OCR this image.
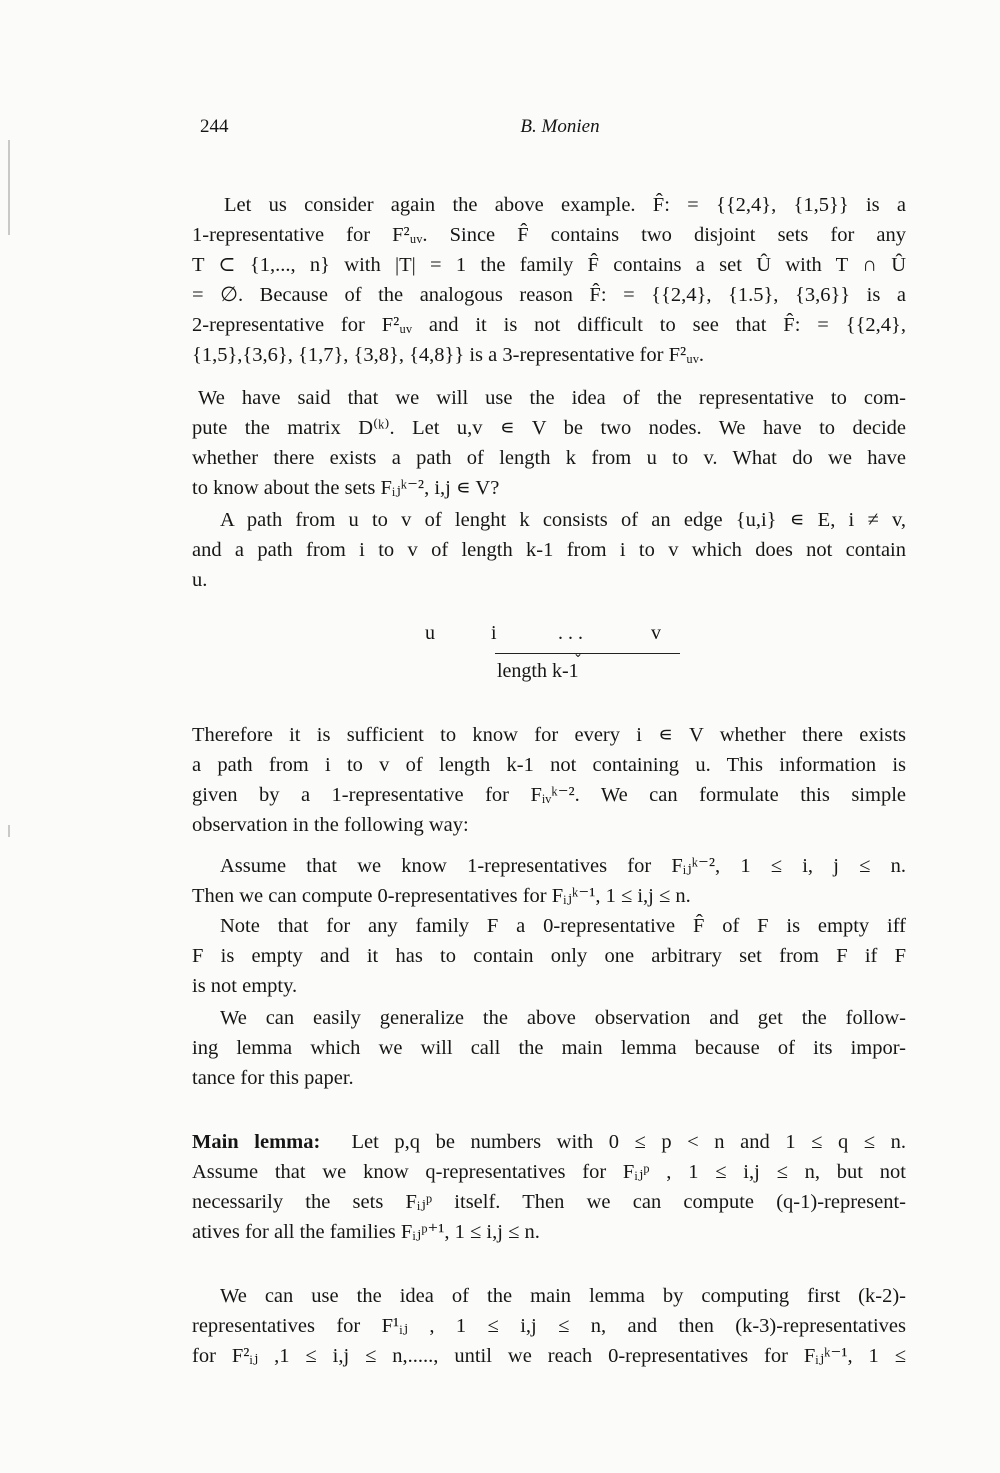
244	B. Monien
Let us consider again the above example. F̂: = {{2,4}, {1,5}} is a
1-representative for F²ᵤᵥ. Since F̂ contains two disjoint sets for any
T ⊂ {1,..., n} with |T| = 1 the family F̂ contains a set Û with T ∩ Û
= ∅. Because of the analogous reason F̂: = {{2,4}, {1.5}, {3,6}} is a
2-representative for F²ᵤᵥ and it is not difficult to see that F̂: = {{2,4},
{1,5},{3,6}, {1,7}, {3,8}, {4,8}} is a 3-representative for F²ᵤᵥ.
We have said that we will use the idea of the representative to com-
pute the matrix D⁽ᵏ⁾. Let u,v ∊ V be two nodes. We have to decide
whether there exists a path of length k from u to v. What do we have
to know about the sets Fᵢⱼᵏ⁻², i,j ∊ V?
A path from u to v of lenght k consists of an edge {u,i} ∊ E, i ≠ v,
and a path from i to v of length k-1 from i to v which does not contain
u.
u	i	. . .	v
⌄
length k-1
Therefore it is sufficient to know for every i ∊ V whether there exists
a path from i to v of length k-1 not containing u. This information is
given by a 1-representative for Fᵢᵥᵏ⁻². We can formulate this simple
observation in the following way:
Assume that we know 1-representatives for Fᵢⱼᵏ⁻², 1 ≤ i, j ≤ n.
Then we can compute 0-representatives for Fᵢⱼᵏ⁻¹, 1 ≤ i,j ≤ n.
Note that for any family F a 0-representative F̂ of F is empty iff
F is empty and it has to contain only one arbitrary set from F if F
is not empty.
We can easily generalize the above observation and get the follow-
ing lemma which we will call the main lemma because of its impor-
tance for this paper.
Main lemma: Let p,q be numbers with 0 ≤ p < n and 1 ≤ q ≤ n.
Assume that we know q-representatives for Fᵢⱼᵖ , 1 ≤ i,j ≤ n, but not
necessarily the sets Fᵢⱼᵖ itself. Then we can compute (q-1)-represent-
atives for all the families Fᵢⱼᵖ⁺¹, 1 ≤ i,j ≤ n.
We can use the idea of the main lemma by computing first (k-2)-
representatives for F¹ᵢⱼ , 1 ≤ i,j ≤ n, and then (k-3)-representatives
for F²ᵢⱼ ,1 ≤ i,j ≤ n,....., until we reach 0-representatives for Fᵢⱼᵏ⁻¹, 1 ≤
